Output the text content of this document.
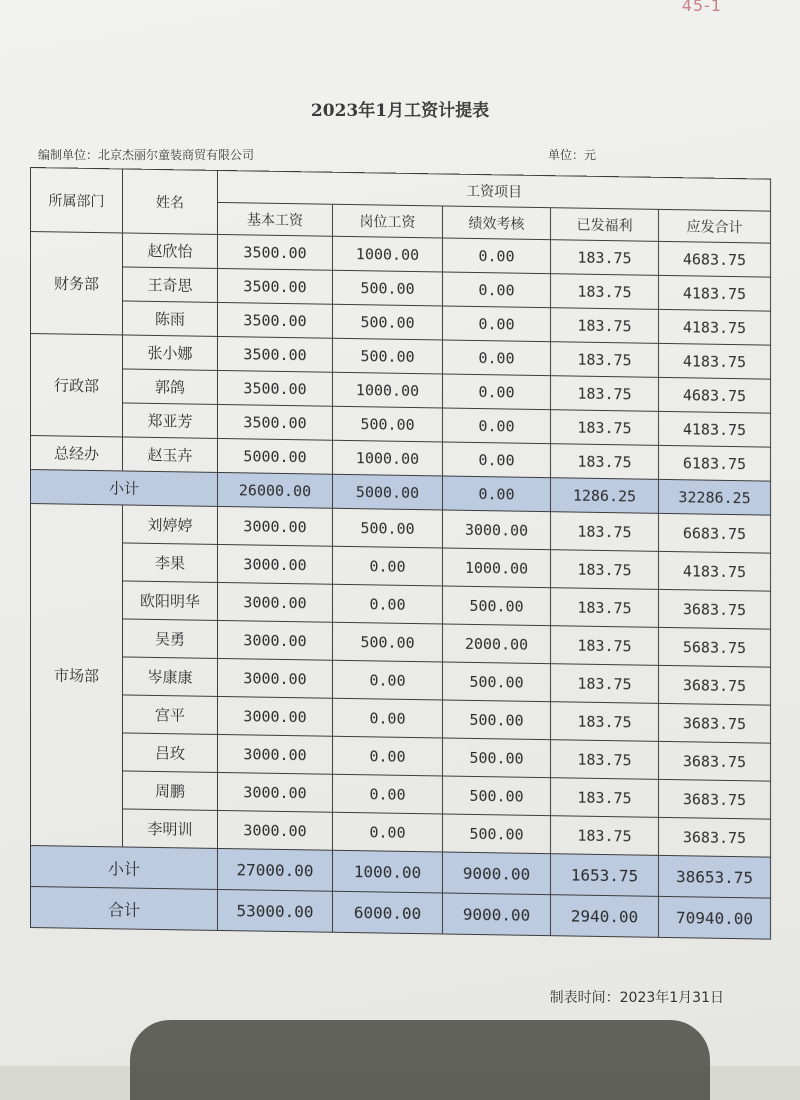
45-1
2023年1月工资计提表
编制单位：北京杰丽尔童装商贸有限公司	单位：元
所属部门	姓名	工资项目				
		基本工资	岗位工资	绩效考核	已发福利	应发合计
财务部	赵欣怡	3500.00	1000.00	0.00	183.75	4683.75
	王奇思	3500.00	500.00	0.00	183.75	4183.75
	陈雨	3500.00	500.00	0.00	183.75	4183.75
行政部	张小娜	3500.00	500.00	0.00	183.75	4183.75
	郭鸽	3500.00	1000.00	0.00	183.75	4683.75
	郑亚芳	3500.00	500.00	0.00	183.75	4183.75
总经办	赵玉卉	5000.00	1000.00	0.00	183.75	6183.75
小计		26000.00	5000.00	0.00	1286.25	32286.25
市场部	刘婷婷	3000.00	500.00	3000.00	183.75	6683.75
	李果	3000.00	0.00	1000.00	183.75	4183.75
	欧阳明华	3000.00	0.00	500.00	183.75	3683.75
	吴勇	3000.00	500.00	2000.00	183.75	5683.75
	岑康康	3000.00	0.00	500.00	183.75	3683.75
	宫平	3000.00	0.00	500.00	183.75	3683.75
	吕玫	3000.00	0.00	500.00	183.75	3683.75
	周鹏	3000.00	0.00	500.00	183.75	3683.75
	李明训	3000.00	0.00	500.00	183.75	3683.75
小计		27000.00	1000.00	9000.00	1653.75	38653.75
合计		53000.00	6000.00	9000.00	2940.00	70940.00
制表时间：2023年1月31日
